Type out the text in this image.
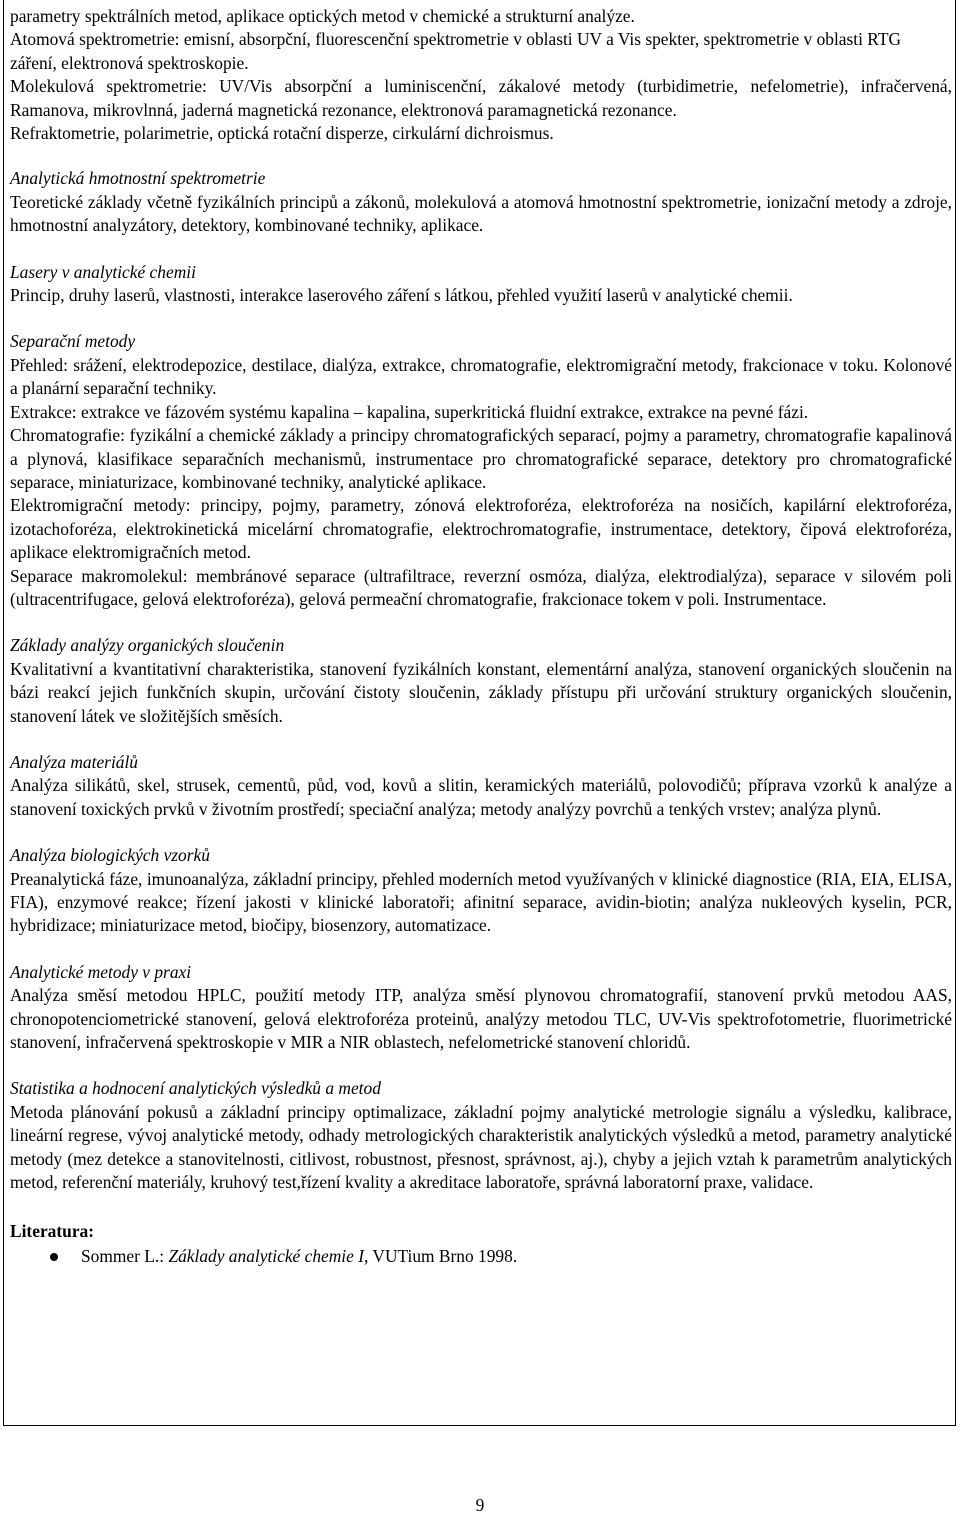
parametry spektrálních metod, aplikace optických metod v chemické a strukturní analýze.

Atomová spektrometrie: emisní, absorpční, fluorescenční spektrometrie v oblasti UV a Vis spekter, spektrometrie v oblasti RTG záření, elektronová spektroskopie.

Molekulová spektrometrie: UV/Vis absorpční a luminiscenční, zákalové metody (turbidimetrie, nefelometrie), infračervená, Ramanova, mikrovlnná, jaderná magnetická rezonance, elektronová paramagnetická rezonance.

Refraktometrie, polarimetrie, optická rotační disperze, cirkulární dichroismus.

Analytická hmotnostní spektrometrie

Teoretické základy včetně fyzikálních principů a zákonů, molekulová a atomová hmotnostní spektrometrie, ionizační metody a zdroje, hmotnostní analyzátory, detektory, kombinované techniky, aplikace.

Lasery v analytické chemii

Princip, druhy laserů, vlastnosti, interakce laserového záření s látkou, přehled využití laserů v analytické chemii.

Separační metody

Přehled: srážení, elektrodepozice, destilace, dialýza, extrakce, chromatografie, elektromigrační metody, frakcionace v toku. Kolonové a planární separační techniky.

Extrakce: extrakce ve fázovém systému kapalina – kapalina, superkritická fluidní extrakce, extrakce na pevné fázi.

Chromatografie: fyzikální a chemické základy a principy chromatografických separací, pojmy a parametry, chromatografie kapalinová a plynová, klasifikace separačních mechanismů, instrumentace pro chromatografické separace, detektory pro chromatografické separace, miniaturizace, kombinované techniky, analytické aplikace.

Elektromigrační metody: principy, pojmy, parametry, zónová elektroforéza, elektroforéza na nosičích, kapilární elektroforéza, izotachoforéza, elektrokinetická micelární chromatografie, elektrochromatografie, instrumentace, detektory, čipová elektroforéza, aplikace elektromigračních metod.

Separace makromolekul: membránové separace (ultrafiltrace, reverzní osmóza, dialýza, elektrodialýza), separace v silovém poli (ultracentrifugace, gelová elektroforéza), gelová permeační chromatografie, frakcionace tokem v poli. Instrumentace.

Základy analýzy organických sloučenin

Kvalitativní a kvantitativní charakteristika, stanovení fyzikálních konstant, elementární analýza, stanovení organických sloučenin na bázi reakcí jejich funkčních skupin, určování čistoty sloučenin, základy přístupu při určování struktury organických sloučenin, stanovení látek ve složitějších směsích.

Analýza materiálů

Analýza silikátů, skel, strusek, cementů, půd, vod, kovů a slitin, keramických materiálů, polovodičů; příprava vzorků k analýze a stanovení toxických prvků v životním prostředí; speciační analýza; metody analýzy povrchů a tenkých vrstev; analýza plynů.

Analýza biologických vzorků

Preanalytická fáze, imunoanalýza, základní principy, přehled moderních metod využívaných v klinické diagnostice (RIA, EIA, ELISA, FIA), enzymové reakce; řízení jakosti v klinické laboratoři; afinitní separace, avidin-biotin; analýza nukleových kyselin, PCR, hybridizace; miniaturizace metod, biočipy, biosenzory, automatizace.

Analytické metody v praxi

Analýza směsí metodou HPLC, použití metody ITP, analýza směsí plynovou chromatografií, stanovení prvků metodou AAS, chronopotenciometrické stanovení, gelová elektroforéza proteinů, analýzy metodou TLC, UV-Vis spektrofotometrie, fluorimetrické stanovení, infračervená spektroskopie v MIR a NIR oblastech, nefelometrické stanovení chloridů.

Statistika a hodnocení analytických výsledků a metod

Metoda plánování pokusů a základní principy optimalizace, základní pojmy analytické metrologie signálu a výsledku, kalibrace, lineární regrese, vývoj analytické metody, odhady metrologických charakteristik analytických výsledků a metod, parametry analytické metody (mez detekce a stanovitelnosti, citlivost, robustnost, přesnost, správnost, aj.), chyby a jejich vztah k parametrům analytických metod, referenční materiály, kruhový test,řízení kvality a akreditace laboratoře, správná laboratorní praxe, validace.

Literatura:

Sommer L.: Základy analytické chemie I, VUTium Brno 1998.
9
